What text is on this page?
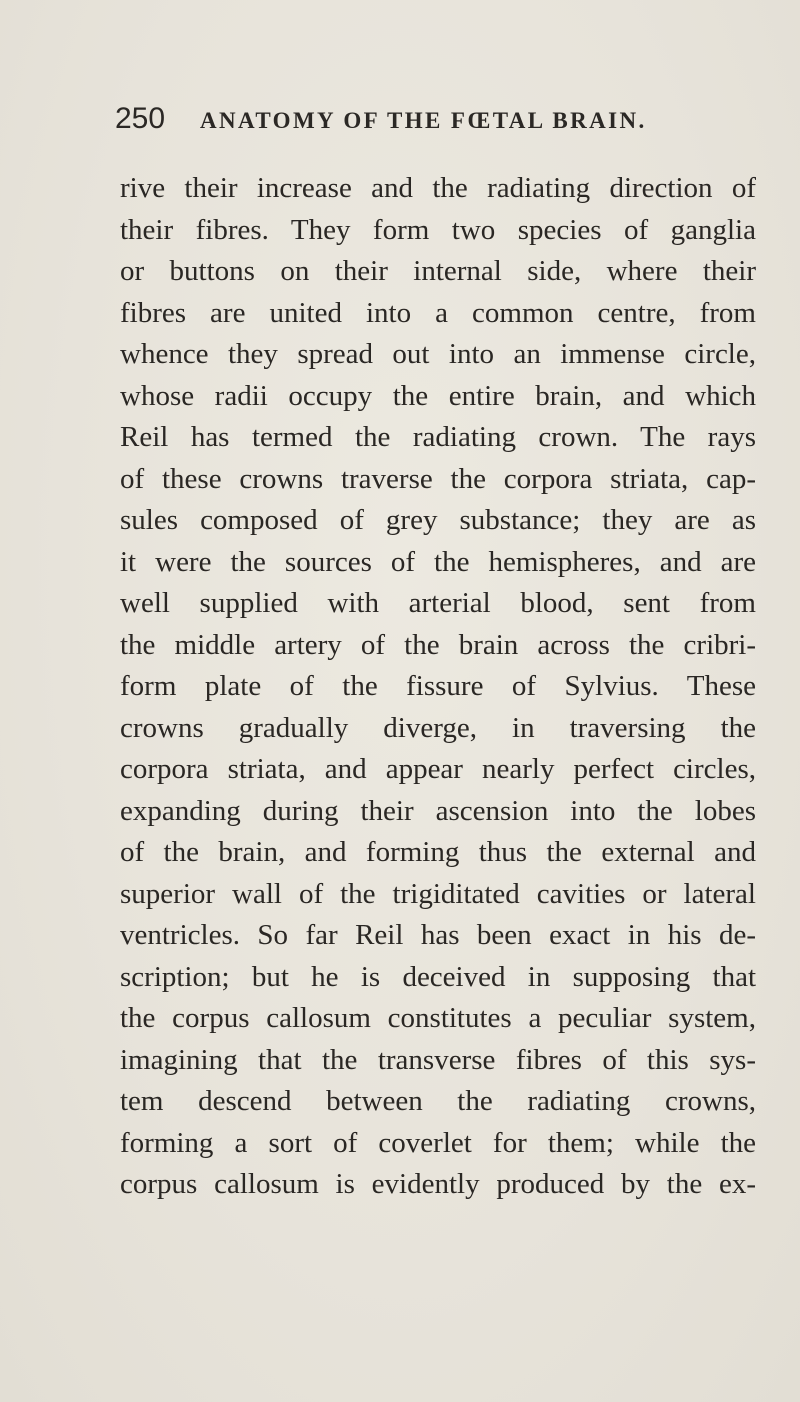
250 ANATOMY OF THE FŒTAL BRAIN.
rive their increase and the radiating direction of
their fibres. They form two species of ganglia
or buttons on their internal side, where their
fibres are united into a common centre, from
whence they spread out into an immense circle,
whose radii occupy the entire brain, and which
Reil has termed the radiating crown. The rays
of these crowns traverse the corpora striata, cap-
sules composed of grey substance; they are as
it were the sources of the hemispheres, and are
well supplied with arterial blood, sent from
the middle artery of the brain across the cribri-
form plate of the fissure of Sylvius. These
crowns gradually diverge, in traversing the
corpora striata, and appear nearly perfect circles,
expanding during their ascension into the lobes
of the brain, and forming thus the external and
superior wall of the trigiditated cavities or lateral
ventricles. So far Reil has been exact in his de-
scription; but he is deceived in supposing that
the corpus callosum constitutes a peculiar system,
imagining that the transverse fibres of this sys-
tem descend between the radiating crowns,
forming a sort of coverlet for them; while the
corpus callosum is evidently produced by the ex-
